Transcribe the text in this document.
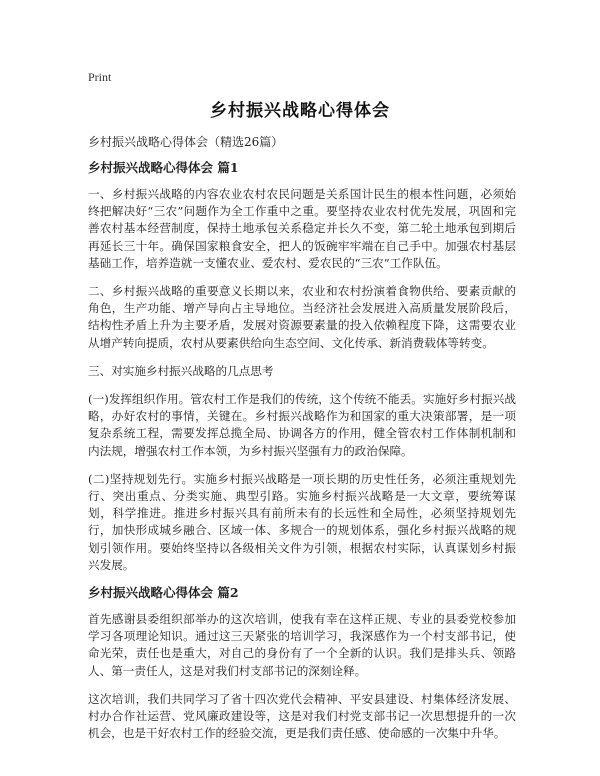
Print
乡村振兴战略心得体会
乡村振兴战略心得体会（精选26篇）
乡村振兴战略心得体会 篇1

一、乡村振兴战略的内容农业农村农民问题是关系国计民生的根本性问题，必须始终把解决好“三农”问题作为全工作重中之重。要坚持农业农村优先发展，巩固和完善农村基本经营制度，保持土地承包关系稳定并长久不变，第二轮土地承包到期后再延长三十年。确保国家粮食安全，把人的饭碗牢牢端在自己手中。加强农村基层基础工作，培养造就一支懂农业、爱农村、爱农民的“三农”工作队伍。

二、乡村振兴战略的重要意义长期以来，农业和农村扮演着食物供给、要素贡献的角色，生产功能、增产导向占主导地位。当经济社会发展进入高质量发展阶段后，结构性矛盾上升为主要矛盾，发展对资源要素量的投入依赖程度下降，这需要农业从增产转向提质，农村从要素供给向生态空间、文化传承、新消费载体等转变。

三、对实施乡村振兴战略的几点思考

(一)发挥组织作用。管农村工作是我们的传统，这个传统不能丢。实施好乡村振兴战略，办好农村的事情，关键在。乡村振兴战略作为和国家的重大决策部署，是一项复杂系统工程，需要发挥总揽全局、协调各方的作用，健全管农村工作体制机制和内法规，增强农村工作本领，为乡村振兴坚强有力的政治保障。

(二)坚持规划先行。实施乡村振兴战略是一项长期的历史性任务，必须注重规划先行、突出重点、分类实施、典型引路。实施乡村振兴战略是一大文章，要统筹谋划，科学推进。推进乡村振兴具有前所未有的长远性和全局性，必须坚持规划先行，加快形成城乡融合、区域一体、多规合一的规划体系，强化乡村振兴战略的规划引领作用。要始终坚持以各级相关文件为引领，根据农村实际，认真谋划乡村振兴发展。

乡村振兴战略心得体会 篇2

首先感谢县委组织部举办的这次培训，使我有幸在这样正规、专业的县委党校参加学习各项理论知识。通过这三天紧张的培训学习，我深感作为一个村支部书记，使命光荣，责任也是重大，对自己的身份有了一个全新的认识。我们是排头兵、领路人、第一责任人，这是对我们村支部书记的深刻诠释。

这次培训，我们共同学习了省十四次党代会精神、平安县建设、村集体经济发展、村办合作社运营、党风廉政建设等，这是对我们村党支部书记一次思想提升的一次机会，也是干好农村工作的经验交流，更是我们责任感、使命感的一次集中升华。
